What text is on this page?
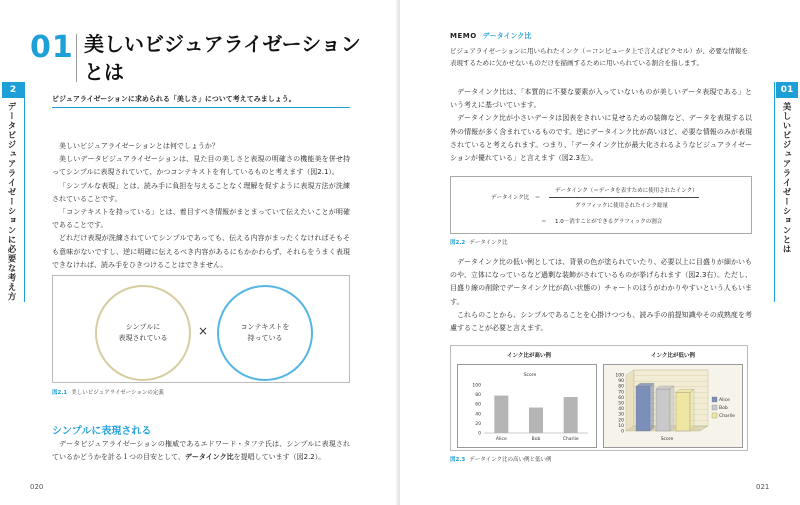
2
データビジュアライゼーションに必要な考え方
01 美しいビジュアライゼーション
とは
ビジュアライゼーションに求められる「美しさ」について考えてみましょう。

美しいビジュアライゼーションとは何でしょうか？

美しいデータビジュアライゼーションは、見た目の美しさと表現の明確さの機能美を併せ持ってシンプルに表現されていて、かつコンテキストを有しているものと考えます（図2.1）。

「シンプルな表現」とは、読み手に負担を与えることなく理解を促すように表現方法が洗練されていることです。

「コンテキストを持っている」とは、着目すべき情報がまとまっていて伝えたいことが明確であることです。

どれだけ表現が洗練されていてシンプルであっても、伝える内容がまったくなければそもそも意味がないですし、逆に明確に伝えるべき内容があるにもかかわらず、それらをうまく表現できなければ、読み手をひきつけることはできません。

シンプルに
表現されている	×	コンテキストを
持っている
図2.1 美しいビジュアライゼーションの定義
シンプルに表現される

データビジュアライゼーションの権威であるエドワード・タフテ氏は、シンプルに表現されているかどうかを計る１つの目安として、データインク比を提唱しています（図2.2）。

020
01
美しいビジュアライゼーションとは
021
MEMO データインク比
ビジュアライゼーションに用いられたインク（＝コンピュータ上で言えばピクセル）が、必要な情報を表現するために欠かせないものだけを描画するために用いられている割合を指します。

データインク比は、「本質的に不要な要素が入っていないものが美しいデータ表現である」という考えに基づいています。

データインク比が小さいデータは図表をきれいに見せるための装飾など、データを表現する以外の情報が多く含まれているものです。逆にデータインク比が高いほど、必要な情報のみが表現されていると考えられます。つまり、「データインク比が最大化されるようなビジュアライゼーションが優れている」と言えます（図2.3左）。

データインク比　＝
データインク（＝データを表すために使用されたインク）
グラフィックに使用されたインク総量
＝ 1.0－消すことができるグラフィックの割合
図2.2 データインク比

データインク比の低い例としては、背景の色が塗られていたり、必要以上に目盛りが細かいものや、立体になっているなど過剰な装飾がされているものが挙げられます（図2.3右）。ただし、目盛り線の削除でデータインク比が高い状態の）チャートのほうがわかりやすいという人もいます。

これらのことから、シンプルであることを心掛けつつも、読み手の前提知識やその成熟度を考慮することが必要と言えます。

インク比が高い例	インク比が低い例
Score
0
20
40
60
80
100
Alice	Bob	Charlie
0
10
20
30
40
50
60
70
80
90
100
Score
Alice
Bob
Charlie
図2.3 データインク比の高い例と低い例
